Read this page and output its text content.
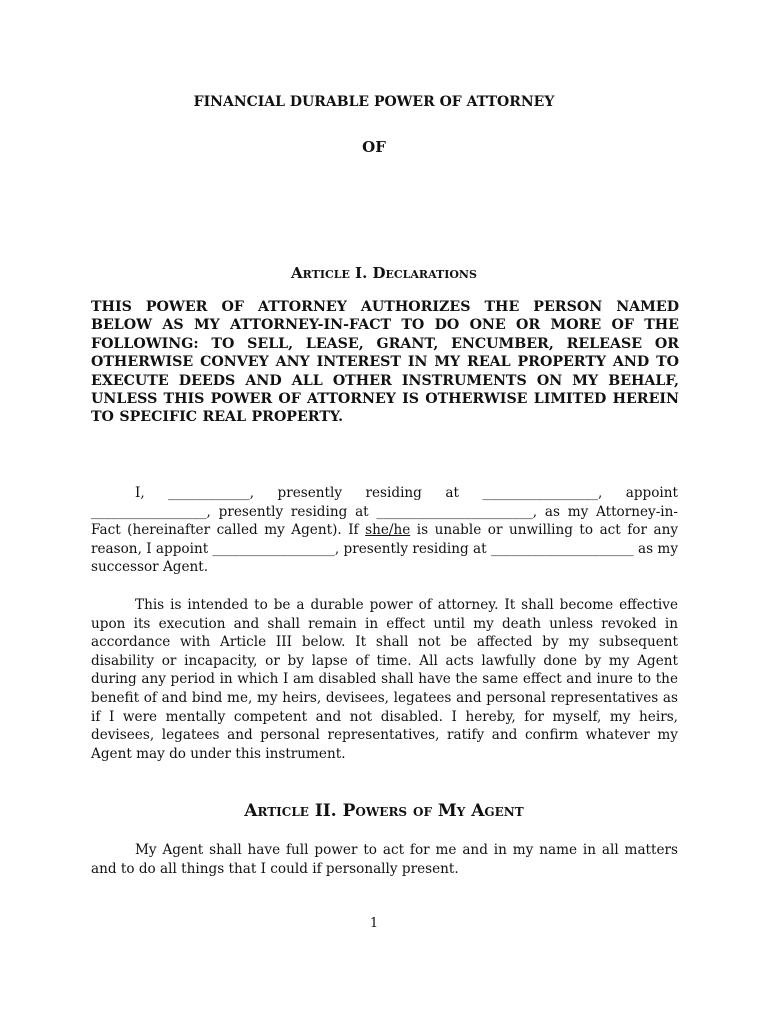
FINANCIAL DURABLE POWER OF ATTORNEY
OF
Article I. Declarations
THIS POWER OF ATTORNEY AUTHORIZES THE PERSON NAMED BELOW AS MY ATTORNEY-IN-FACT TO DO ONE OR MORE OF THE FOLLOWING: TO SELL, LEASE, GRANT, ENCUMBER, RELEASE OR OTHERWISE CONVEY ANY INTEREST IN MY REAL PROPERTY AND TO EXECUTE DEEDS AND ALL OTHER INSTRUMENTS ON MY BEHALF, UNLESS THIS POWER OF ATTORNEY IS OTHERWISE LIMITED HEREIN TO SPECIFIC REAL PROPERTY.
I, ____________, presently residing at _________________, appoint _________________, presently residing at _______________________, as my Attorney-in-Fact (hereinafter called my Agent). If she/he is unable or unwilling to act for any reason, I appoint __________________, presently residing at _____________________ as my successor Agent.
This is intended to be a durable power of attorney. It shall become effective upon its execution and shall remain in effect until my death unless revoked in accordance with Article III below. It shall not be affected by my subsequent disability or incapacity, or by lapse of time. All acts lawfully done by my Agent during any period in which I am disabled shall have the same effect and inure to the benefit of and bind me, my heirs, devisees, legatees and personal representatives as if I were mentally competent and not disabled. I hereby, for myself, my heirs, devisees, legatees and personal representatives, ratify and confirm whatever my Agent may do under this instrument.
Article II. Powers of My Agent
My Agent shall have full power to act for me and in my name in all matters and to do all things that I could if personally present.
1
